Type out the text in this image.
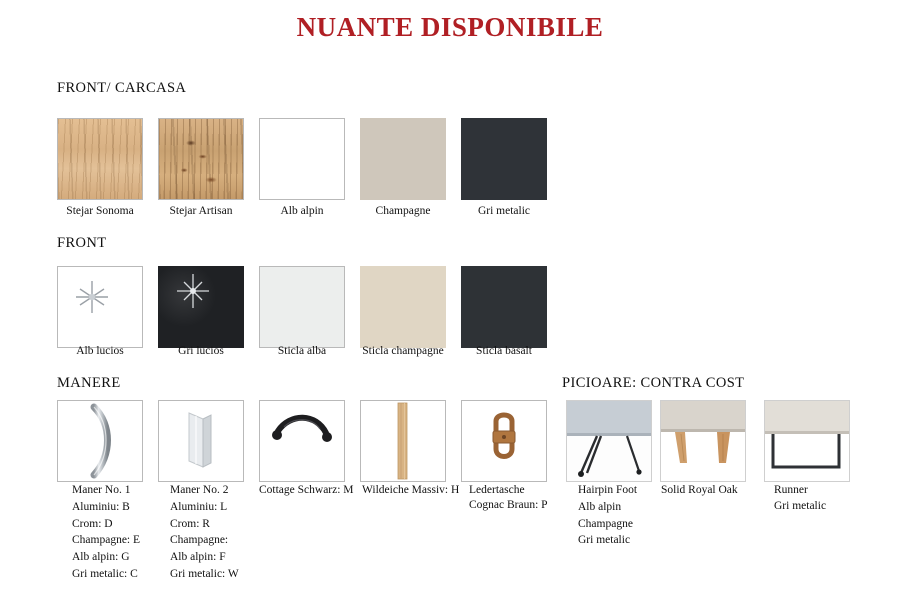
NUANTE DISPONIBILE
FRONT/ CARCASA
Stejar Sonoma	Stejar Artisan	Alb alpin	Champagne	Gri metalic
FRONT
Alb lucios	Gri lucios	Sticla alba	Sticla champagne	Sticla basalt
MANERE
Maner No. 1
Aluminiu: B
Crom: D
Champagne: E
Alb alpin: G
Gri metalic: C
Maner No. 2
Aluminiu: L
Crom: R
Champagne:
Alb alpin: F
Gri metalic: W
Cottage Schwarz: M Wildeiche Massiv: H Ledertasche
Cognac Braun: P
PICIOARE: CONTRA COST
Hairpin Foot
Alb alpin
Champagne
Gri metalic
Solid Royal Oak	Runner
Gri metalic
